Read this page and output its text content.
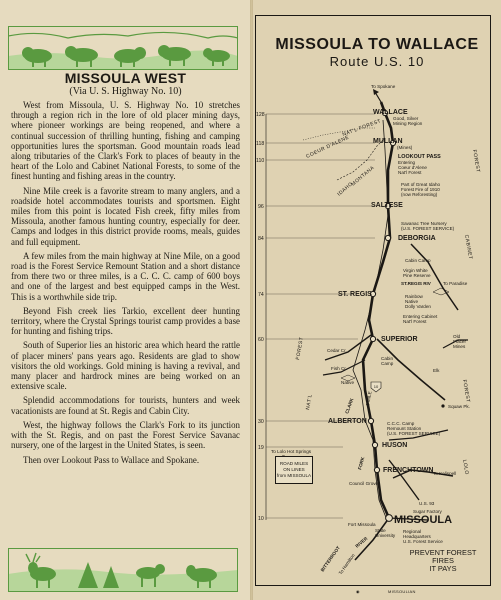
MISSOULA WEST
(Via U. S. Highway No. 10)

West from Missoula, U. S. Highway No. 10 stretches through a region rich in the lore of old placer mining days, where pioneer workings are being reopened, and where a continual succession of thrilling hunting, fishing and camping opportunities lures the sportsman. Good mountain roads lead along tributaries of the Clark's Fork to places of beauty in the heart of the Lolo and Cabinet National Forests, to some of the finest hunting and fishing areas in the country.

Nine Mile creek is a favorite stream to many anglers, and a roadside hotel accommodates tourists and sportsmen. Eight miles from this point is located Fish creek, fifty miles from Missoula, another famous hunting country, especially for deer. Camps and lodges in this district provide rooms, meals, guides and full equipment.

A few miles from the main highway at Nine Mile, on a good road is the Forest Service Remount Station and a short distance from there two or three miles, is a C. C. C. camp of 600 boys and one of the largest and best equipped camps in the West. This is a worthwhile side trip.

Beyond Fish creek lies Tarkio, excellent deer hunting territory, where the Crystal Springs tourist camp provides a base for hunting and fishing trips.

South of Superior lies an historic area which heard the rattle of placer miners' pans years ago. Residents are glad to show visitors the old workings. Gold mining is having a revival, and many placer and hardrock mines are being worked on an extensive scale.

Splendid accommodations for tourists, hunters and week vacationists are found at St. Regis and Cabin City.

West, the highway follows the Clark's Fork to its junction with the St. Regis, and on past the Forest Service Savanac nursery, one of the largest in the United States, is seen.

Then over Lookout Pass to Wallace and Spokane.

128
118
110
96
84
74
60
30
19
10
10
WALLACE
MULLAN
SALTESE
DEBORGIA
ST. REGIS
SUPERIOR
ALBERTON
HUSON
FRENCHTOWN
MISSOULA
To Spokane
Good, Silver
Mining Region
(Mines)
LOOKOUT PASS
Entering
Coeur d'Alene
Nat'l Forest
Part of Great Idaho
Forest Fire of 1910
(now Reforesting)
Savanac Tree Nursery
(U.S. FOREST SERVICE)
Cabin Camp
Virgin White
Pine Reserve
ST.REGIS RIV	To Paradise
Rainbow
Native
Dolly Varden
Entering Cabinet
Nat'l Forest
Cedar Cr.
Old
Placer
Mines
Fish Cr.
Native
Cabin
Camp
Elk
Squaw Pk.
C.C.C. Camp
Remount Station
(U.S. FOREST SERVICE)
To Lolo Hot Springs
Council Grove
To Kalispell
Sugar Factory
Fort Missoula
State
University
Regional
Headquarters
U.S. Forest Service
BITTERROOT
To Hamilton
RIVER
U.S. 93
CLARK
FORK
9 MILE
COEUR D'ALENE
NAT'L FOREST
IDAHO
MONTANA
FOREST
NAT'L
CABINET
FOREST
FOREST
LOLO
MISSOULA TO WALLACE
Route U.S. 10
ROAD MILES
ON LINES
from MISSOULA
PREVENT FOREST
FIRES
IT PAYS
◉	MISSOULIAN
